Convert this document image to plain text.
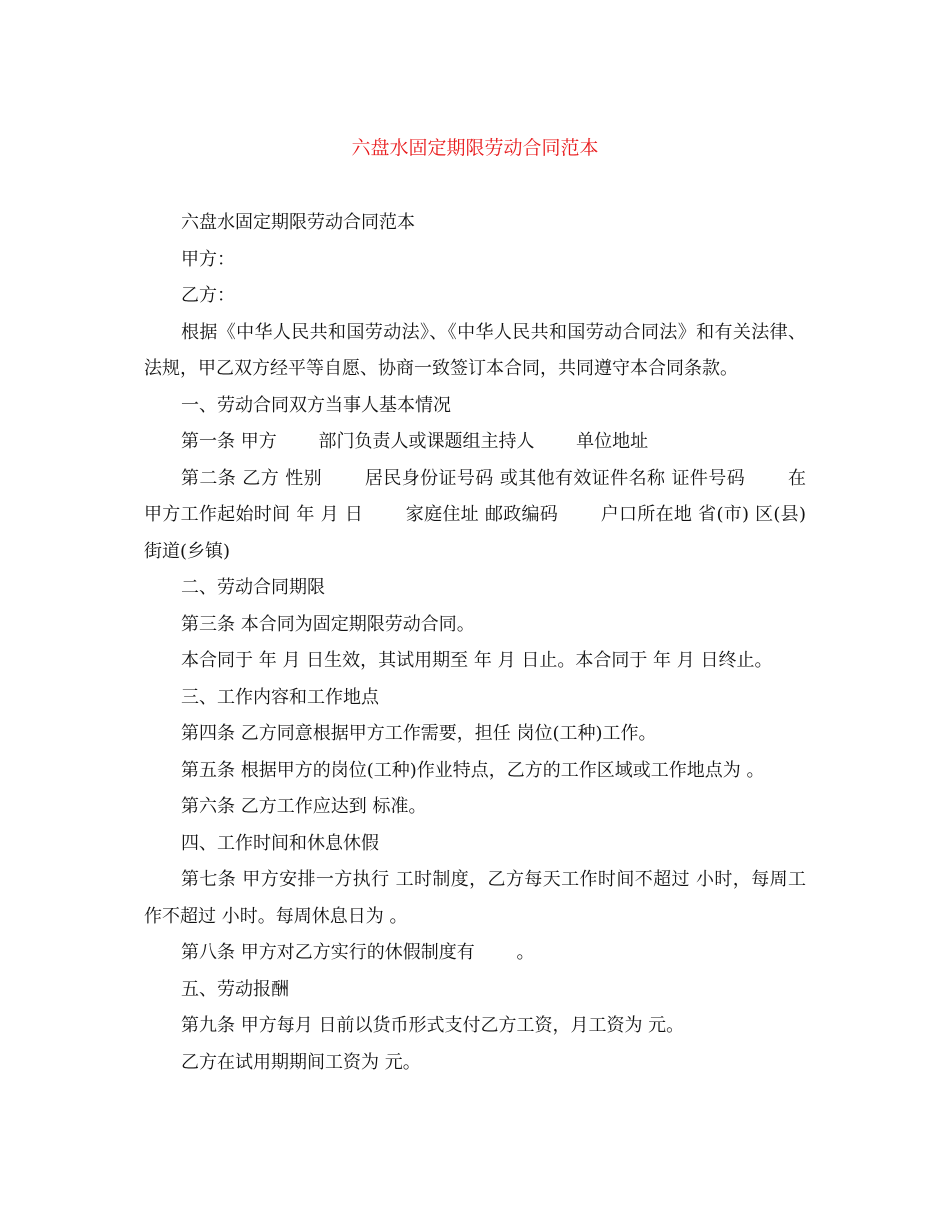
六盘水固定期限劳动合同范本

六盘水固定期限劳动合同范本

甲方：

乙方：

根据《中华人民共和国劳动法》、《中华人民共和国劳动合同法》和有关法律、法规，甲乙双方经平等自愿、协商一致签订本合同，共同遵守本合同条款。

一、劳动合同双方当事人基本情况

第一条 甲方　　 部门负责人或课题组主持人　　 单位地址

第二条 乙方 性别　　 居民身份证号码 或其他有效证件名称 证件号码　　 在甲方工作起始时间 年 月 日　　 家庭住址 邮政编码　　 户口所在地 省(市) 区(县) 街道(乡镇)

二、劳动合同期限

第三条 本合同为固定期限劳动合同。

本合同于 年 月 日生效，其试用期至 年 月 日止。本合同于 年 月 日终止。

三、工作内容和工作地点

第四条 乙方同意根据甲方工作需要，担任 岗位(工种)工作。

第五条 根据甲方的岗位(工种)作业特点，乙方的工作区域或工作地点为 。

第六条 乙方工作应达到 标准。

四、工作时间和休息休假

第七条 甲方安排一方执行 工时制度，乙方每天工作时间不超过 小时，每周工作不超过 小时。每周休息日为 。

第八条 甲方对乙方实行的休假制度有　　 。

五、劳动报酬

第九条 甲方每月 日前以货币形式支付乙方工资，月工资为 元。

乙方在试用期期间工资为 元。
